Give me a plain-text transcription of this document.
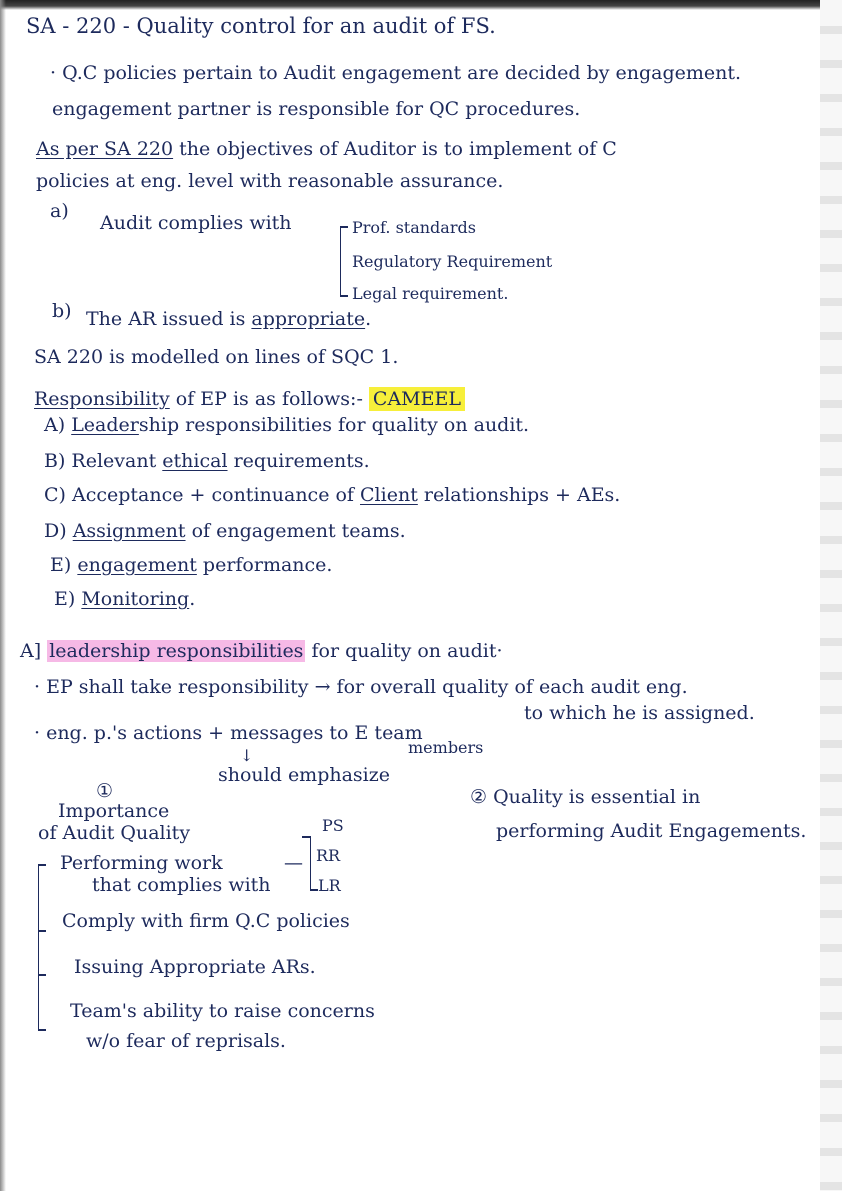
SA - 220 - Quality control for an audit of FS.
· Q.C policies pertain to Audit engagement are decided by engagement.
engagement partner is responsible for QC procedures.
As per SA 220 the objectives of Auditor is to implement of C
policies at eng. level with reasonable assurance.
a)
Audit complies with	Prof. standards
Regulatory Requirement
Legal requirement.
b) The AR issued is appropriate.
SA 220 is modelled on lines of SQC 1.
Responsibility of EP is as follows:- CAMEEL
A) Leadership responsibilities for quality on audit.
B) Relevant ethical requirements.
C) Acceptance + continuance of Client relationships + AEs.
D) Assignment of engagement teams.
E) engagement performance.
E) Monitoring.
A] leadership responsibilities for quality on audit·
· EP shall take responsibility → for overall quality of each audit eng.
to which he is assigned.
· eng. p.'s actions + messages to E team
members
↓
should emphasize
①
Importance
of Audit Quality
② Quality is essential in
performing Audit Engagements.
Performing work
that complies with
—
PS
RR
LR
Comply with firm Q.C policies
Issuing Appropriate ARs.
Team's ability to raise concerns
w/o fear of reprisals.
